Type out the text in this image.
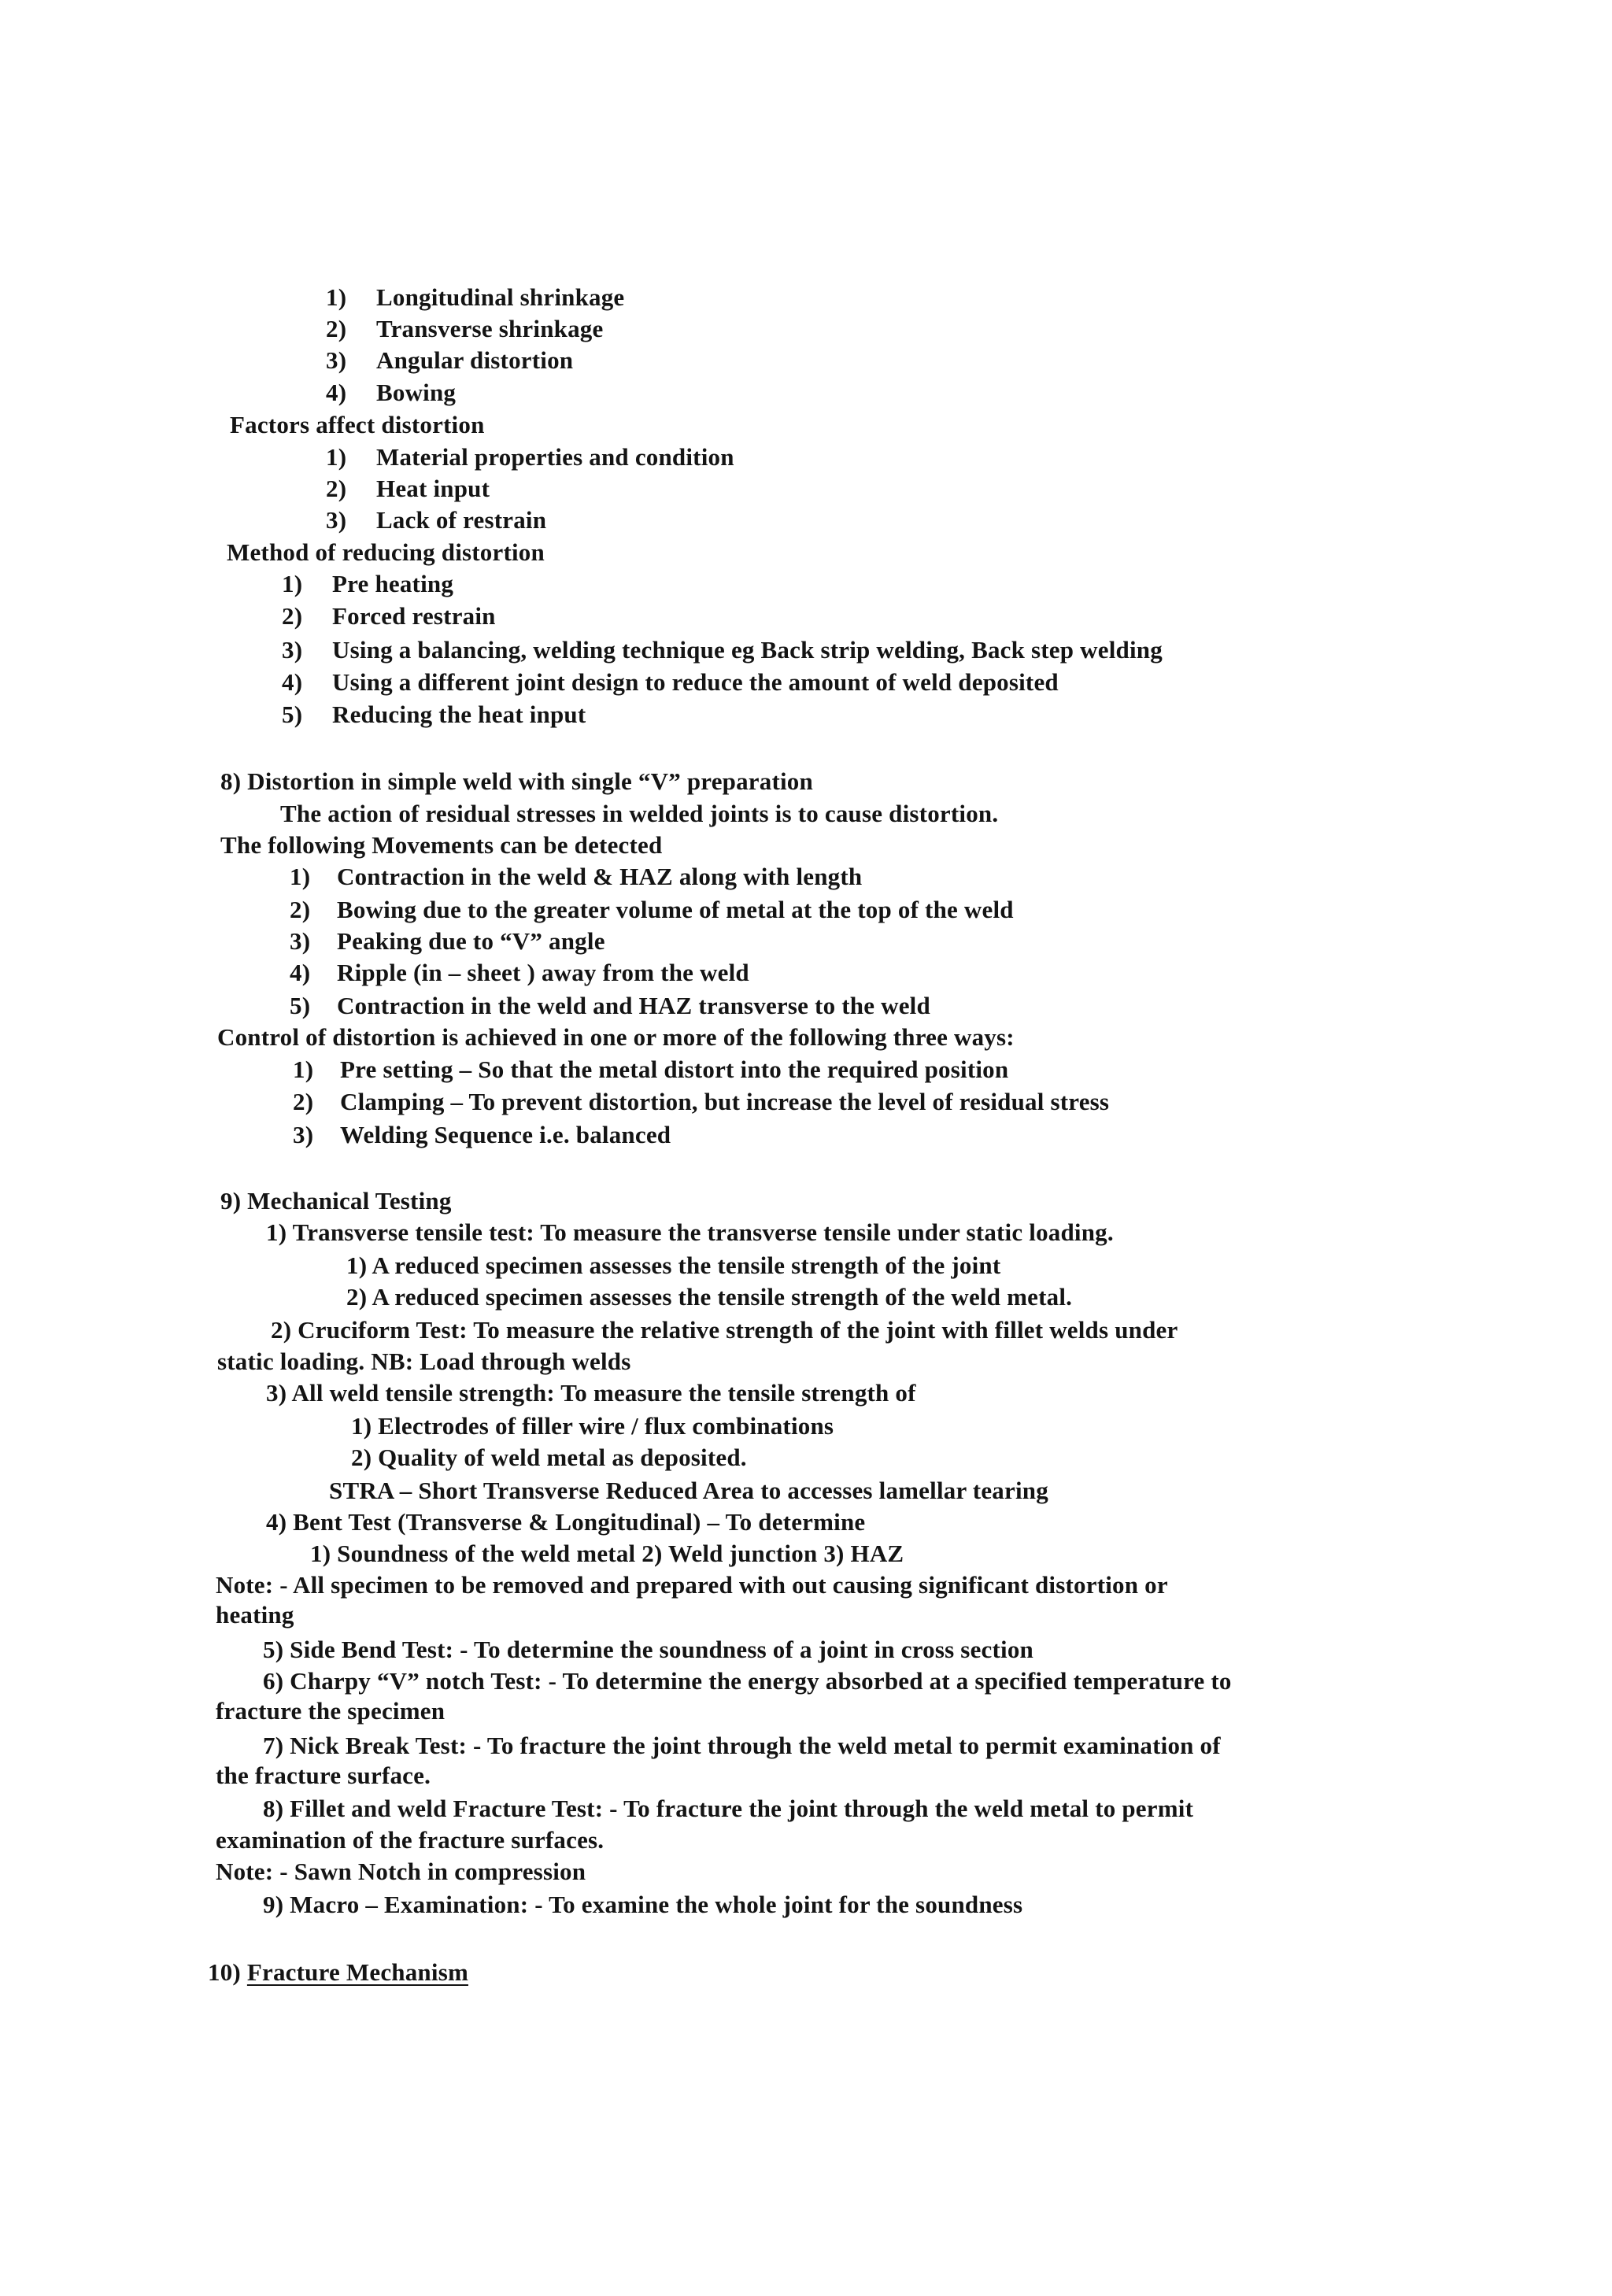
1) Longitudinal shrinkage
2) Transverse shrinkage
3) Angular distortion
4) Bowing
Factors affect distortion
1) Material properties and condition
2) Heat input
3) Lack of restrain
Method of reducing distortion
1) Pre heating
2) Forced restrain
3) Using a balancing, welding technique eg Back strip welding, Back step welding
4) Using a different joint design to reduce the amount of weld deposited
5) Reducing the heat input
8) Distortion in simple weld with single “V” preparation
The action of residual stresses in welded joints is to cause distortion.
The following Movements can be detected
1) Contraction in the weld & HAZ along with length
2) Bowing due to the greater volume of metal at the top of the weld
3) Peaking due to “V” angle
4) Ripple (in – sheet ) away from the weld
5) Contraction in the weld and HAZ transverse to the weld
Control of distortion is achieved in one or more of the following three ways:
1) Pre setting – So that the metal distort into the required position
2) Clamping – To prevent distortion, but increase the level of residual stress
3) Welding Sequence i.e. balanced
9) Mechanical Testing
1) Transverse tensile test: To measure the transverse tensile under static loading.
1) A reduced specimen assesses the tensile strength of the joint
2) A reduced specimen assesses the tensile strength of the weld metal.
2) Cruciform Test: To measure the relative strength of the joint with fillet welds under
static loading. NB: Load through welds
3) All weld tensile strength: To measure the tensile strength of
1) Electrodes of filler wire / flux combinations
2) Quality of weld metal as deposited.
STRA – Short Transverse Reduced Area to accesses lamellar tearing
4) Bent Test (Transverse & Longitudinal) – To determine
1) Soundness of the weld metal 2) Weld junction 3) HAZ
Note: - All specimen to be removed and prepared with out causing significant distortion or
heating
5) Side Bend Test: - To determine the soundness of a joint in cross section
6) Charpy “V” notch Test: - To determine the energy absorbed at a specified temperature to
fracture the specimen
7) Nick Break Test: - To fracture the joint through the weld metal to permit examination of
the fracture surface.
8) Fillet and weld Fracture Test: - To fracture the joint through the weld metal to permit
examination of the fracture surfaces.
Note: - Sawn Notch in compression
9) Macro – Examination: - To examine the whole joint for the soundness
10) Fracture Mechanism
